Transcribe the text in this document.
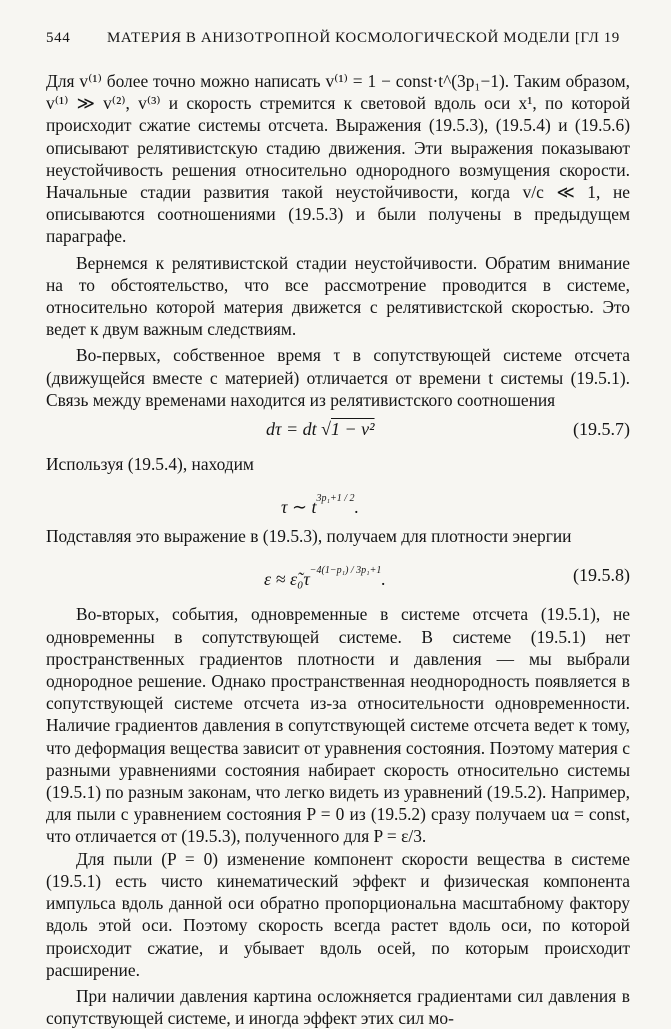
544 МАТЕРИЯ В АНИЗОТРОПНОЙ КОСМОЛОГИЧЕСКОЙ МОДЕЛИ [ГЛ 19

Для v⁽¹⁾ более точно можно написать v⁽¹⁾ = 1 − const·t^(3p₁−1). Таким образом, v⁽¹⁾ ≫ v⁽²⁾, v⁽³⁾ и скорость стремится к световой вдоль оси x¹, по которой происходит сжатие системы отсчета. Выражения (19.5.3), (19.5.4) и (19.5.6) описывают релятивистскую стадию движения. Эти выражения показывают неустойчивость решения относительно однородного возмущения скорости. Начальные стадии развития такой неустойчивости, когда v/c ≪ 1, не описываются соотношениями (19.5.3) и были получены в предыдущем параграфе.

Вернемся к релятивистской стадии неустойчивости. Обратим внимание на то обстоятельство, что все рассмотрение проводится в системе, относительно которой материя движется с релятивистской скоростью. Это ведет к двум важным следствиям.

Во-первых, собственное время τ в сопутствующей системе отсчета (движущейся вместе с материей) отличается от времени t системы (19.5.1). Связь между временами находится из релятивистского соотношения

dτ = dt √1 − v²	(19.5.7)

Используя (19.5.4), находим

τ ∼ $t^{3p_1+1 / 2}$.

Подставляя это выражение в (19.5.3), получаем для плотности энергии

$\varepsilon \approx \varepsiloñ_0\tau^{-4(1-p_1) / 3p_1+1}$.	(19.5.8)

Во-вторых, события, одновременные в системе отсчета (19.5.1), не одновременны в сопутствующей системе. В системе (19.5.1) нет пространственных градиентов плотности и давления — мы выбрали однородное решение. Однако пространственная неоднородность появляется в сопутствующей системе отсчета из-за относительности одновременности. Наличие градиентов давления в сопутствующей системе отсчета ведет к тому, что деформация вещества зависит от уравнения состояния. Поэтому материя с разными уравнениями состояния набирает скорость относительно системы (19.5.1) по разным законам, что легко видеть из уравнений (19.5.2). Например, для пыли с уравнением состояния P = 0 из (19.5.2) сразу получаем uα = const, что отличается от (19.5.3), полученного для P = ε/3.

Для пыли (P = 0) изменение компонент скорости вещества в системе (19.5.1) есть чисто кинематический эффект и физическая компонента импульса вдоль данной оси обратно пропорциональна масштабному фактору вдоль этой оси. Поэтому скорость всегда растет вдоль оси, по которой происходит сжатие, и убывает вдоль осей, по которым происходит расширение.

При наличии давления картина осложняется градиентами сил давления в сопутствующей системе, и иногда эффект этих сил мо-
